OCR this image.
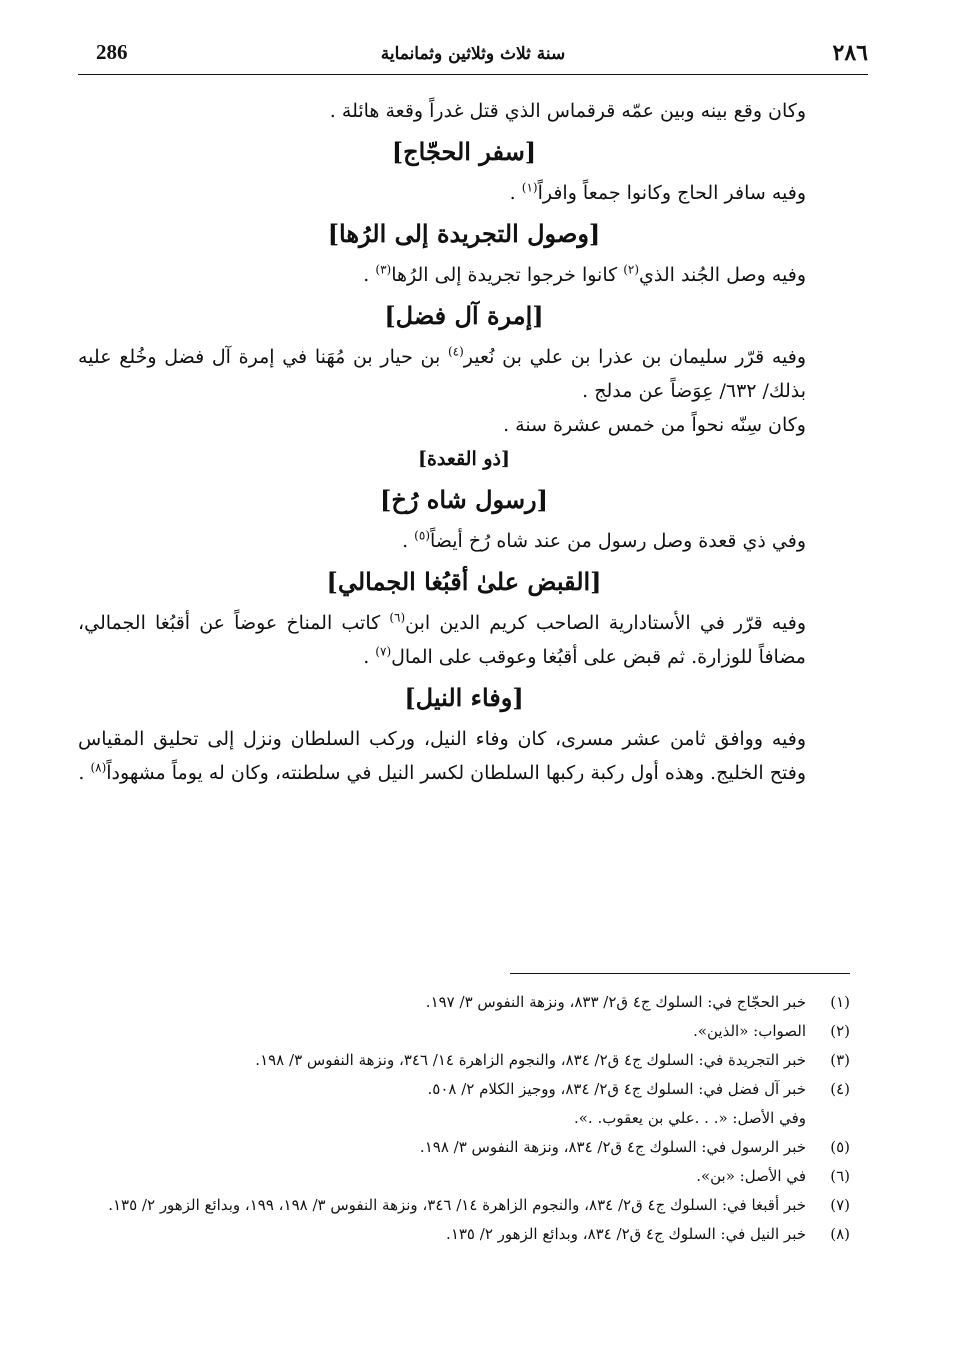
286	سنة ثلاث وثلاثين وثمانماية	٢٨٦

وكان وقع بينه وبين عمّه قرقماس الذي قتل غدراً وقعة هائلة .

[سفر الحجّاج]

وفيه سافر الحاج وكانوا جمعاً وافراً$^{(١)}$ .

[وصول التجريدة إلى الرُها]

وفيه وصل الجُند الذي$^{(٢)}$ كانوا خرجوا تجريدة إلى الرُها$^{(٣)}$ .

[إمرة آل فضل]

وفيه قرّر سليمان بن عذرا بن علي بن نُعير$^{(٤)}$ بن حيار بن مُهَنا في إمرة آل فضل وخُلع عليه بذلك/ ٦٣٢/ عِوَضاً عن مدلج .

وكان سِنّه نحواً من خمس عشرة سنة .

[ذو القعدة]

[رسول شاه رُخ]

وفي ذي قعدة وصل رسول من عند شاه رُخ أيضاً$^{(٥)}$ .

[القبض علىٰ أقبُغا الجمالي]

وفيه قرّر في الأستادارية الصاحب كريم الدين ابن$^{(٦)}$ كاتب المناخ عوضاً عن أقبُغا الجمالي، مضافاً للوزارة. ثم قبض على أقبُغا وعوقب على المال$^{(٧)}$ .

[وفاء النيل]

وفيه ووافق ثامن عشر مسرى، كان وفاء النيل، وركب السلطان ونزل إلى تحليق المقياس وفتح الخليج. وهذه أول ركبة ركبها السلطان لكسر النيل في سلطنته، وكان له يوماً مشهوداً$^{(٨)}$ .

(١)
خبر الحجّاج في: السلوك ج٤ ق٢/ ٨٣٣، ونزهة النفوس ٣/ ١٩٧.
(٢)
الصواب: «الذين».
(٣)
خبر التجريدة في: السلوك ج٤ ق٢/ ٨٣٤، والنجوم الزاهرة ١٤/ ٣٤٦، ونزهة النفوس ٣/ ١٩٨.
(٤)
خبر آل فضل في: السلوك ج٤ ق٢/ ٨٣٤، ووجيز الكلام ٢/ ٥٠٨.
وفي الأصل: «. . .علي بن يعقوب. .».
(٥)
خبر الرسول في: السلوك ج٤ ق٢/ ٨٣٤، ونزهة النفوس ٣/ ١٩٨.
(٦)
في الأصل: «بن».
(٧)
خبر أقبغا في: السلوك ج٤ ق٢/ ٨٣٤، والنجوم الزاهرة ١٤/ ٣٤٦، ونزهة النفوس ٣/ ١٩٨، ١٩٩، وبدائع الزهور ٢/ ١٣٥.
(٨)
خبر النيل في: السلوك ج٤ ق٢/ ٨٣٤، وبدائع الزهور ٢/ ١٣٥.
